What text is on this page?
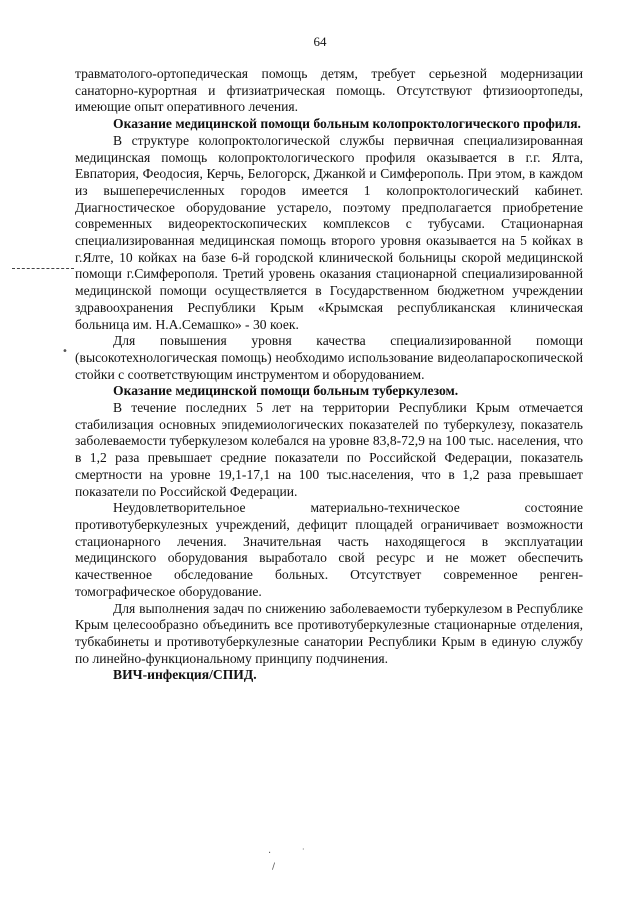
64
•
·
/
·

травматолого-ортопедическая помощь детям, требует серьезной модернизации санаторно-курортная и фтизиатрическая помощь. Отсутствуют фтизиоортопеды, имеющие опыт оперативного лечения.

Оказание медицинской помощи больным колопроктологического профиля.

В структуре колопроктологической службы первичная специализированная медицинская помощь колопроктологического профиля оказывается в г.г. Ялта, Евпатория, Феодосия, Керчь, Белогорск, Джанкой и Симферополь. При этом, в каждом из вышеперечисленных городов имеется 1 колопроктологический кабинет. Диагностическое оборудование устарело, поэтому предполагается приобретение современных видеоректоскопических комплексов с тубусами. Стационарная специализированная медицинская помощь второго уровня оказывается на 5 койках в г.Ялте, 10 койках на базе 6-й городской клинической больницы скорой медицинской помощи г.Симферополя. Третий уровень оказания стационарной специализированной медицинской помощи осуществляется в Государственном бюджетном учреждении здравоохранения Республики Крым «Крымская республиканская клиническая больница им. Н.А.Семашко» - 30 коек.

Для повышения уровня качества специализированной помощи (высокотехнологическая помощь) необходимо использование видеолапароскопической стойки с соответствующим инструментом и оборудованием.

Оказание медицинской помощи больным туберкулезом.

В течение последних 5 лет на территории Республики Крым отмечается стабилизация основных эпидемиологических показателей по туберкулезу, показатель заболеваемости туберкулезом колебался на уровне 83,8-72,9 на 100 тыс. населения, что в 1,2 раза превышает средние показатели по Российской Федерации, показатель смертности на уровне 19,1-17,1 на 100 тыс.населения, что в 1,2 раза превышает показатели по Российской Федерации.

Неудовлетворительное материально-техническое состояние противотуберкулезных учреждений, дефицит площадей ограничивает возможности стационарного лечения. Значительная часть находящегося в эксплуатации медицинского оборудования выработало свой ресурс и не может обеспечить качественное обследование больных. Отсутствует современное ренген-томографическое оборудование.

Для выполнения задач по снижению заболеваемости туберкулезом в Республике Крым целесообразно объединить все противотуберкулезные стационарные отделения, тубкабинеты и противотуберкулезные санатории Республики Крым в единую службу по линейно-функциональному принципу подчинения.

ВИЧ-инфекция/СПИД.
